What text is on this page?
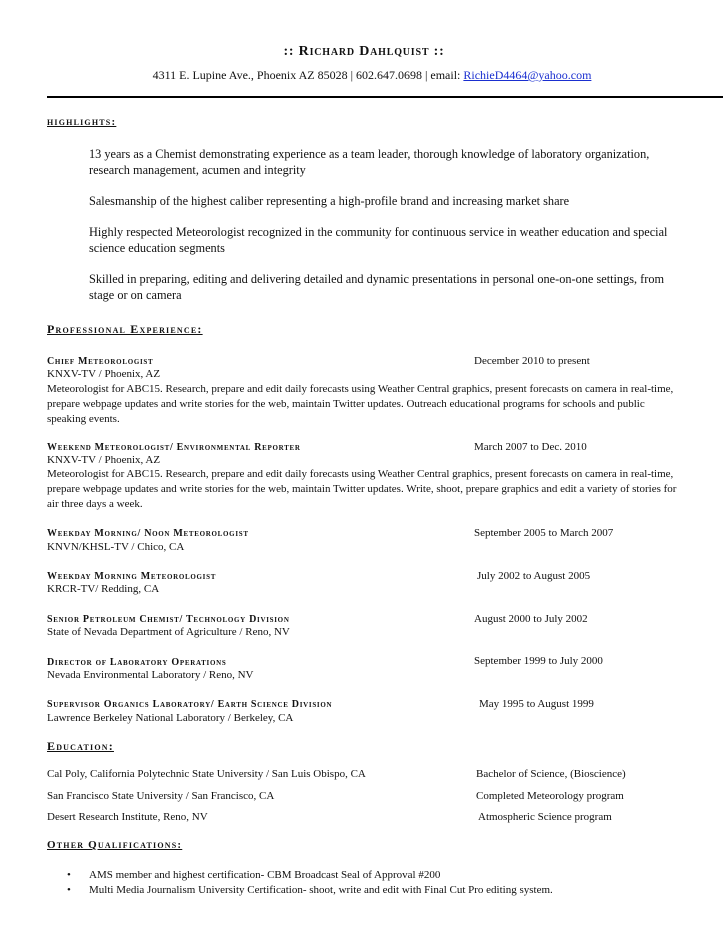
:: Richard Dahlquist ::
4311 E. Lupine Ave., Phoenix AZ 85028 | 602.647.0698 | email: RichieD4464@yahoo.com
highlights:
13 years as a Chemist demonstrating experience as a team leader, thorough knowledge of laboratory organization, research management, acumen and integrity
Salesmanship of the highest caliber representing a high-profile brand and increasing market share
Highly respected Meteorologist recognized in the community for continuous service in weather education and special science education segments
Skilled in preparing, editing and delivering detailed and dynamic presentations in personal one-on-one settings, from stage or on camera
Professional Experience:
Chief Meteorologist	December 2010 to present
KNXV-TV / Phoenix, AZ
Meteorologist for ABC15. Research, prepare and edit daily forecasts using Weather Central graphics, present forecasts on camera in real-time, prepare webpage updates and write stories for the web, maintain Twitter updates. Outreach educational programs for schools and public speaking events.
Weekend Meteorologist/ Environmental Reporter	March 2007 to Dec. 2010
KNXV-TV / Phoenix, AZ
Meteorologist for ABC15. Research, prepare and edit daily forecasts using Weather Central graphics, present forecasts on camera in real-time, prepare webpage updates and write stories for the web, maintain Twitter updates. Write, shoot, prepare graphics and edit a variety of stories for air three days a week.
Weekday Morning/ Noon Meteorologist	September 2005 to March 2007
KNVN/KHSL-TV / Chico, CA
Weekday Morning Meteorologist	July 2002 to August 2005
KRCR-TV/ Redding, CA
Senior Petroleum Chemist/ Technology Division	August 2000 to July 2002
State of Nevada Department of Agriculture / Reno, NV
Director of Laboratory Operations	September 1999 to July 2000
Nevada Environmental Laboratory / Reno, NV
Supervisor Organics Laboratory/ Earth Science Division	May 1995 to August 1999
Lawrence Berkeley National Laboratory / Berkeley, CA
Education:
Cal Poly, California Polytechnic State University / San Luis Obispo, CA	Bachelor of Science, (Bioscience)
San Francisco State University / San Francisco, CA	Completed Meteorology program
Desert Research Institute, Reno, NV	Atmospheric Science program
Other Qualifications:
• AMS member and highest certification- CBM Broadcast Seal of Approval #200
• Multi Media Journalism University Certification- shoot, write and edit with Final Cut Pro editing system.
